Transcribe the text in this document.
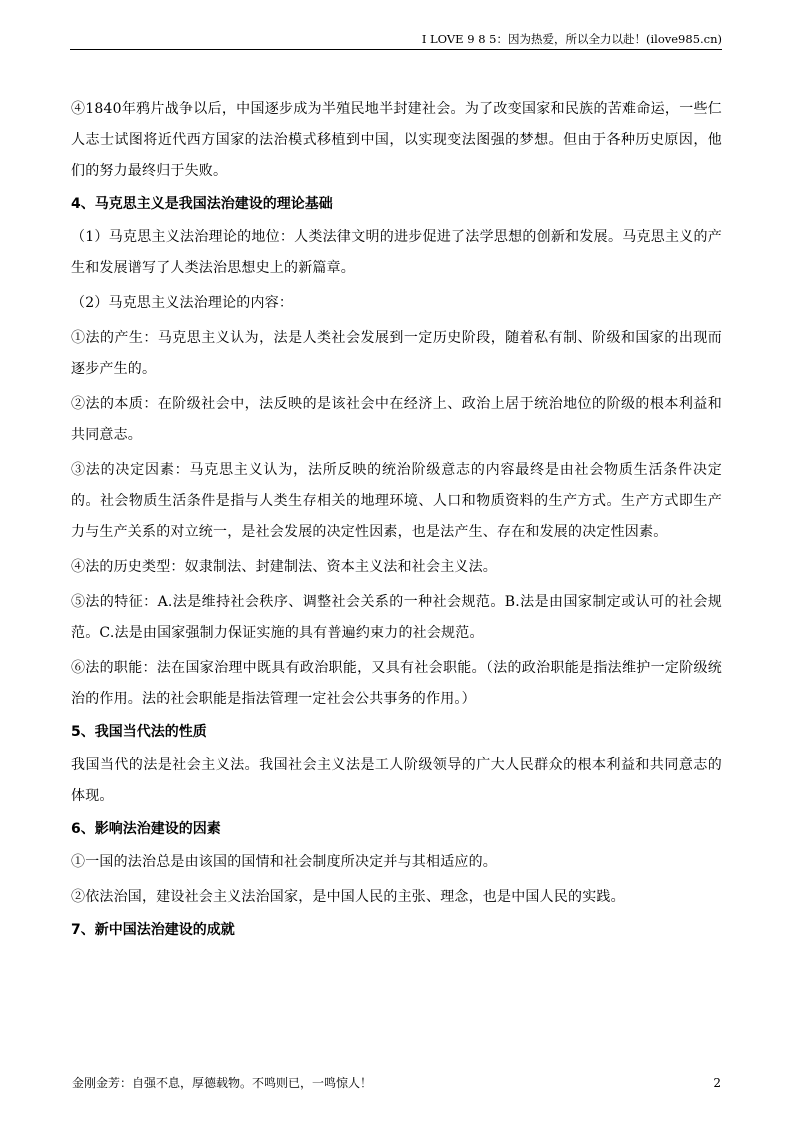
I LOVE 9 8 5：因为热爱，所以全力以赴！(ilove985.cn)

④1840年鸦片战争以后，中国逐步成为半殖民地半封建社会。为了改变国家和民族的苦难命运，一些仁人志士试图将近代西方国家的法治模式移植到中国，以实现变法图强的梦想。但由于各种历史原因，他们的努力最终归于失败。

4、马克思主义是我国法治建设的理论基础

（1）马克思主义法治理论的地位：人类法律文明的进步促进了法学思想的创新和发展。马克思主义的产生和发展谱写了人类法治思想史上的新篇章。

（2）马克思主义法治理论的内容：

①法的产生：马克思主义认为，法是人类社会发展到一定历史阶段，随着私有制、阶级和国家的出现而逐步产生的。

②法的本质：在阶级社会中，法反映的是该社会中在经济上、政治上居于统治地位的阶级的根本利益和共同意志。

③法的决定因素：马克思主义认为，法所反映的统治阶级意志的内容最终是由社会物质生活条件决定的。社会物质生活条件是指与人类生存相关的地理环境、人口和物质资料的生产方式。生产方式即生产力与生产关系的对立统一，是社会发展的决定性因素，也是法产生、存在和发展的决定性因素。

④法的历史类型：奴隶制法、封建制法、资本主义法和社会主义法。

⑤法的特征：A.法是维持社会秩序、调整社会关系的一种社会规范。B.法是由国家制定或认可的社会规范。C.法是由国家强制力保证实施的具有普遍约束力的社会规范。

⑥法的职能：法在国家治理中既具有政治职能，又具有社会职能。（法的政治职能是指法维护一定阶级统治的作用。法的社会职能是指法管理一定社会公共事务的作用。）

5、我国当代法的性质

我国当代的法是社会主义法。我国社会主义法是工人阶级领导的广大人民群众的根本利益和共同意志的体现。

6、影响法治建设的因素

①一国的法治总是由该国的国情和社会制度所决定并与其相适应的。

②依法治国，建设社会主义法治国家，是中国人民的主张、理念，也是中国人民的实践。

7、新中国法治建设的成就
金刚金芳：自强不息，厚德载物。不鸣则已，一鸣惊人！	2
